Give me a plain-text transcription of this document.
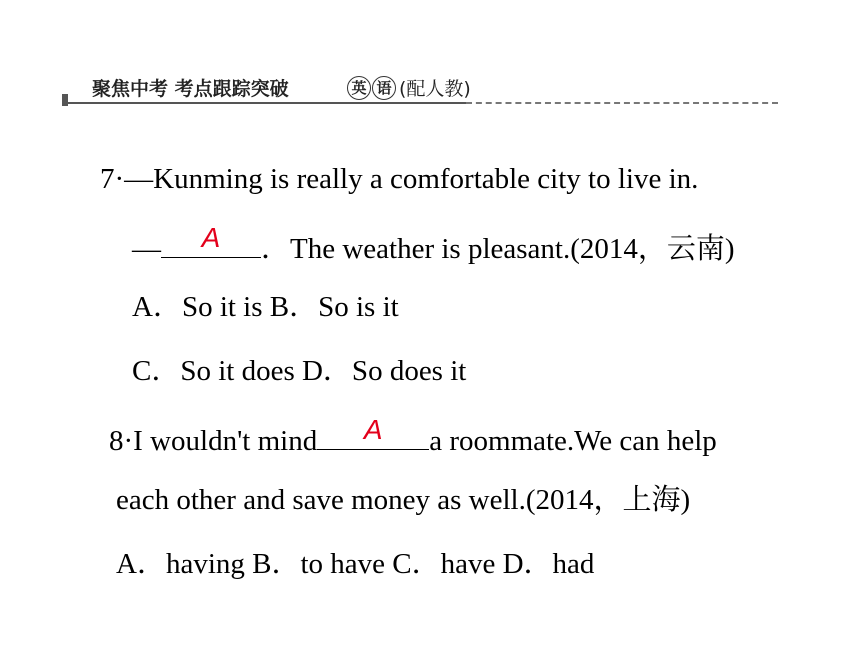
聚焦中考 考点跟踪突破	英 语 (配人教)
7·—Kunming is really a comfortable city to live in.
—	A	．The weather is pleasant.(2014，云南)
A．So it is B．So is it
C．So it does D．So does it
8·I wouldn't mind	A	a roommate.We can help
each other and save money as well.(2014，上海)
A．having B．to have C．have D．had
